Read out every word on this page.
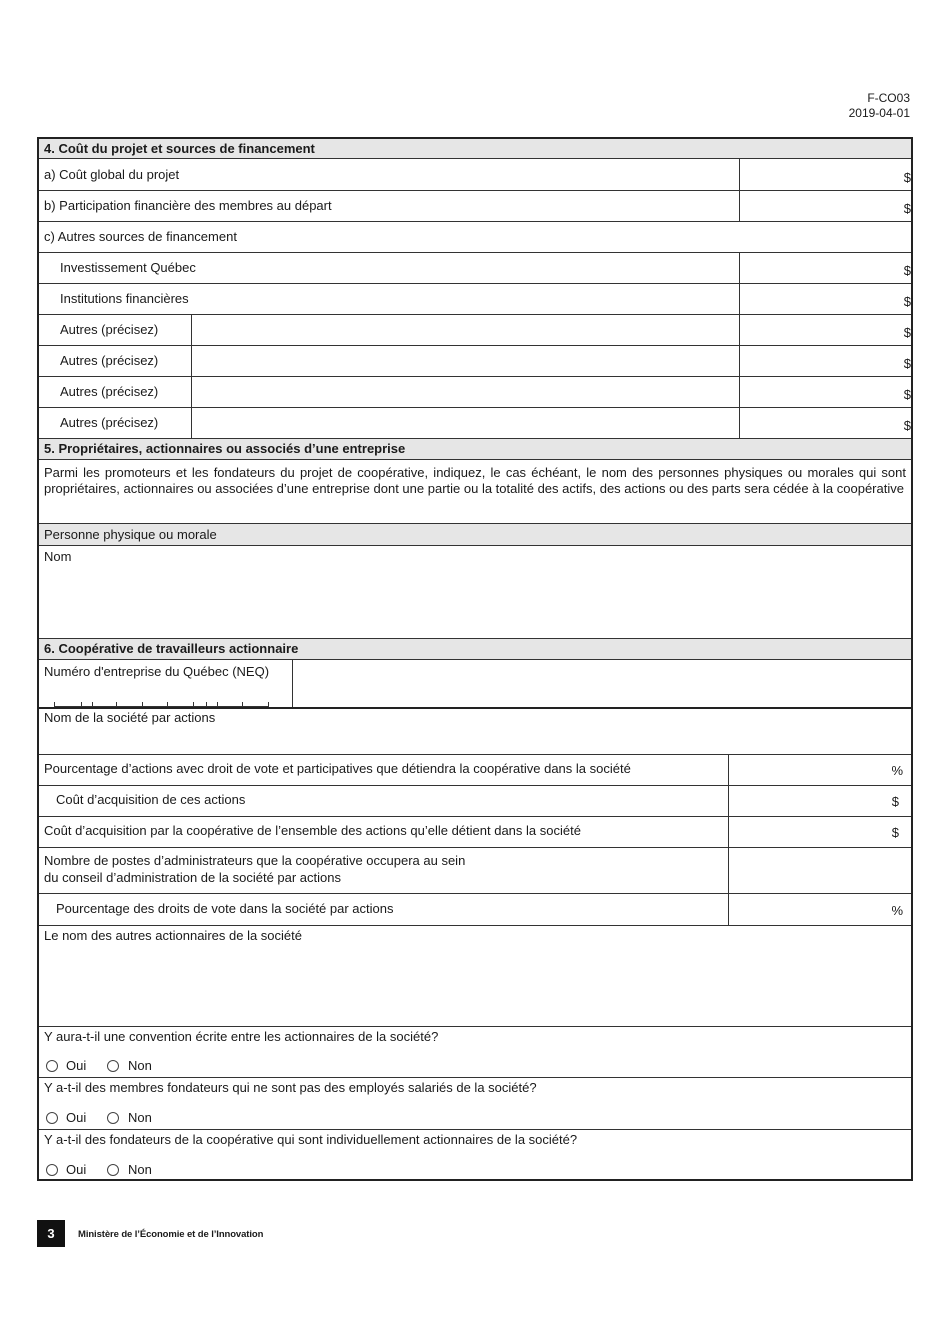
F-CO03
2019-04-01
4. Coût du projet et sources de financement
a) Coût global du projet	$
b) Participation financière des membres au départ	$
c) Autres sources de financement
Investissement Québec	$
Institutions financières	$
Autres (précisez)	$
Autres (précisez)	$
Autres (précisez)	$
Autres (précisez)	$
5. Propriétaires, actionnaires ou associés d’une entreprise
Parmi les promoteurs et les fondateurs du projet de coopérative, indiquez, le cas échéant, le nom des personnes physiques ou morales qui sont propriétaires, actionnaires ou associées d’une entreprise dont une partie ou la totalité des actifs, des actions ou des parts sera cédée à la coopérative
Personne physique ou morale
Nom
6. Coopérative de travailleurs actionnaire
Numéro d'entreprise du Québec (NEQ)
Nom de la société par actions
Pourcentage d’actions avec droit de vote et participatives que détiendra la coopérative dans la société	%
Coût d’acquisition de ces actions	$
Coût d’acquisition par la coopérative de l’ensemble des actions qu’elle détient dans la société	$
Nombre de postes d’administrateurs que la coopérative occupera au sein
du conseil d’administration de la société par actions
Pourcentage des droits de vote dans la société par actions	%
Le nom des autres actionnaires de la société
Y aura-t-il une convention écrite entre les actionnaires de la société?
Oui	Non
Y a-t-il des membres fondateurs qui ne sont pas des employés salariés de la société?
Oui	Non
Y a-t-il des fondateurs de la coopérative qui sont individuellement actionnaires de la société?
Oui	Non
3	Ministère de l’Économie et de l’Innovation
